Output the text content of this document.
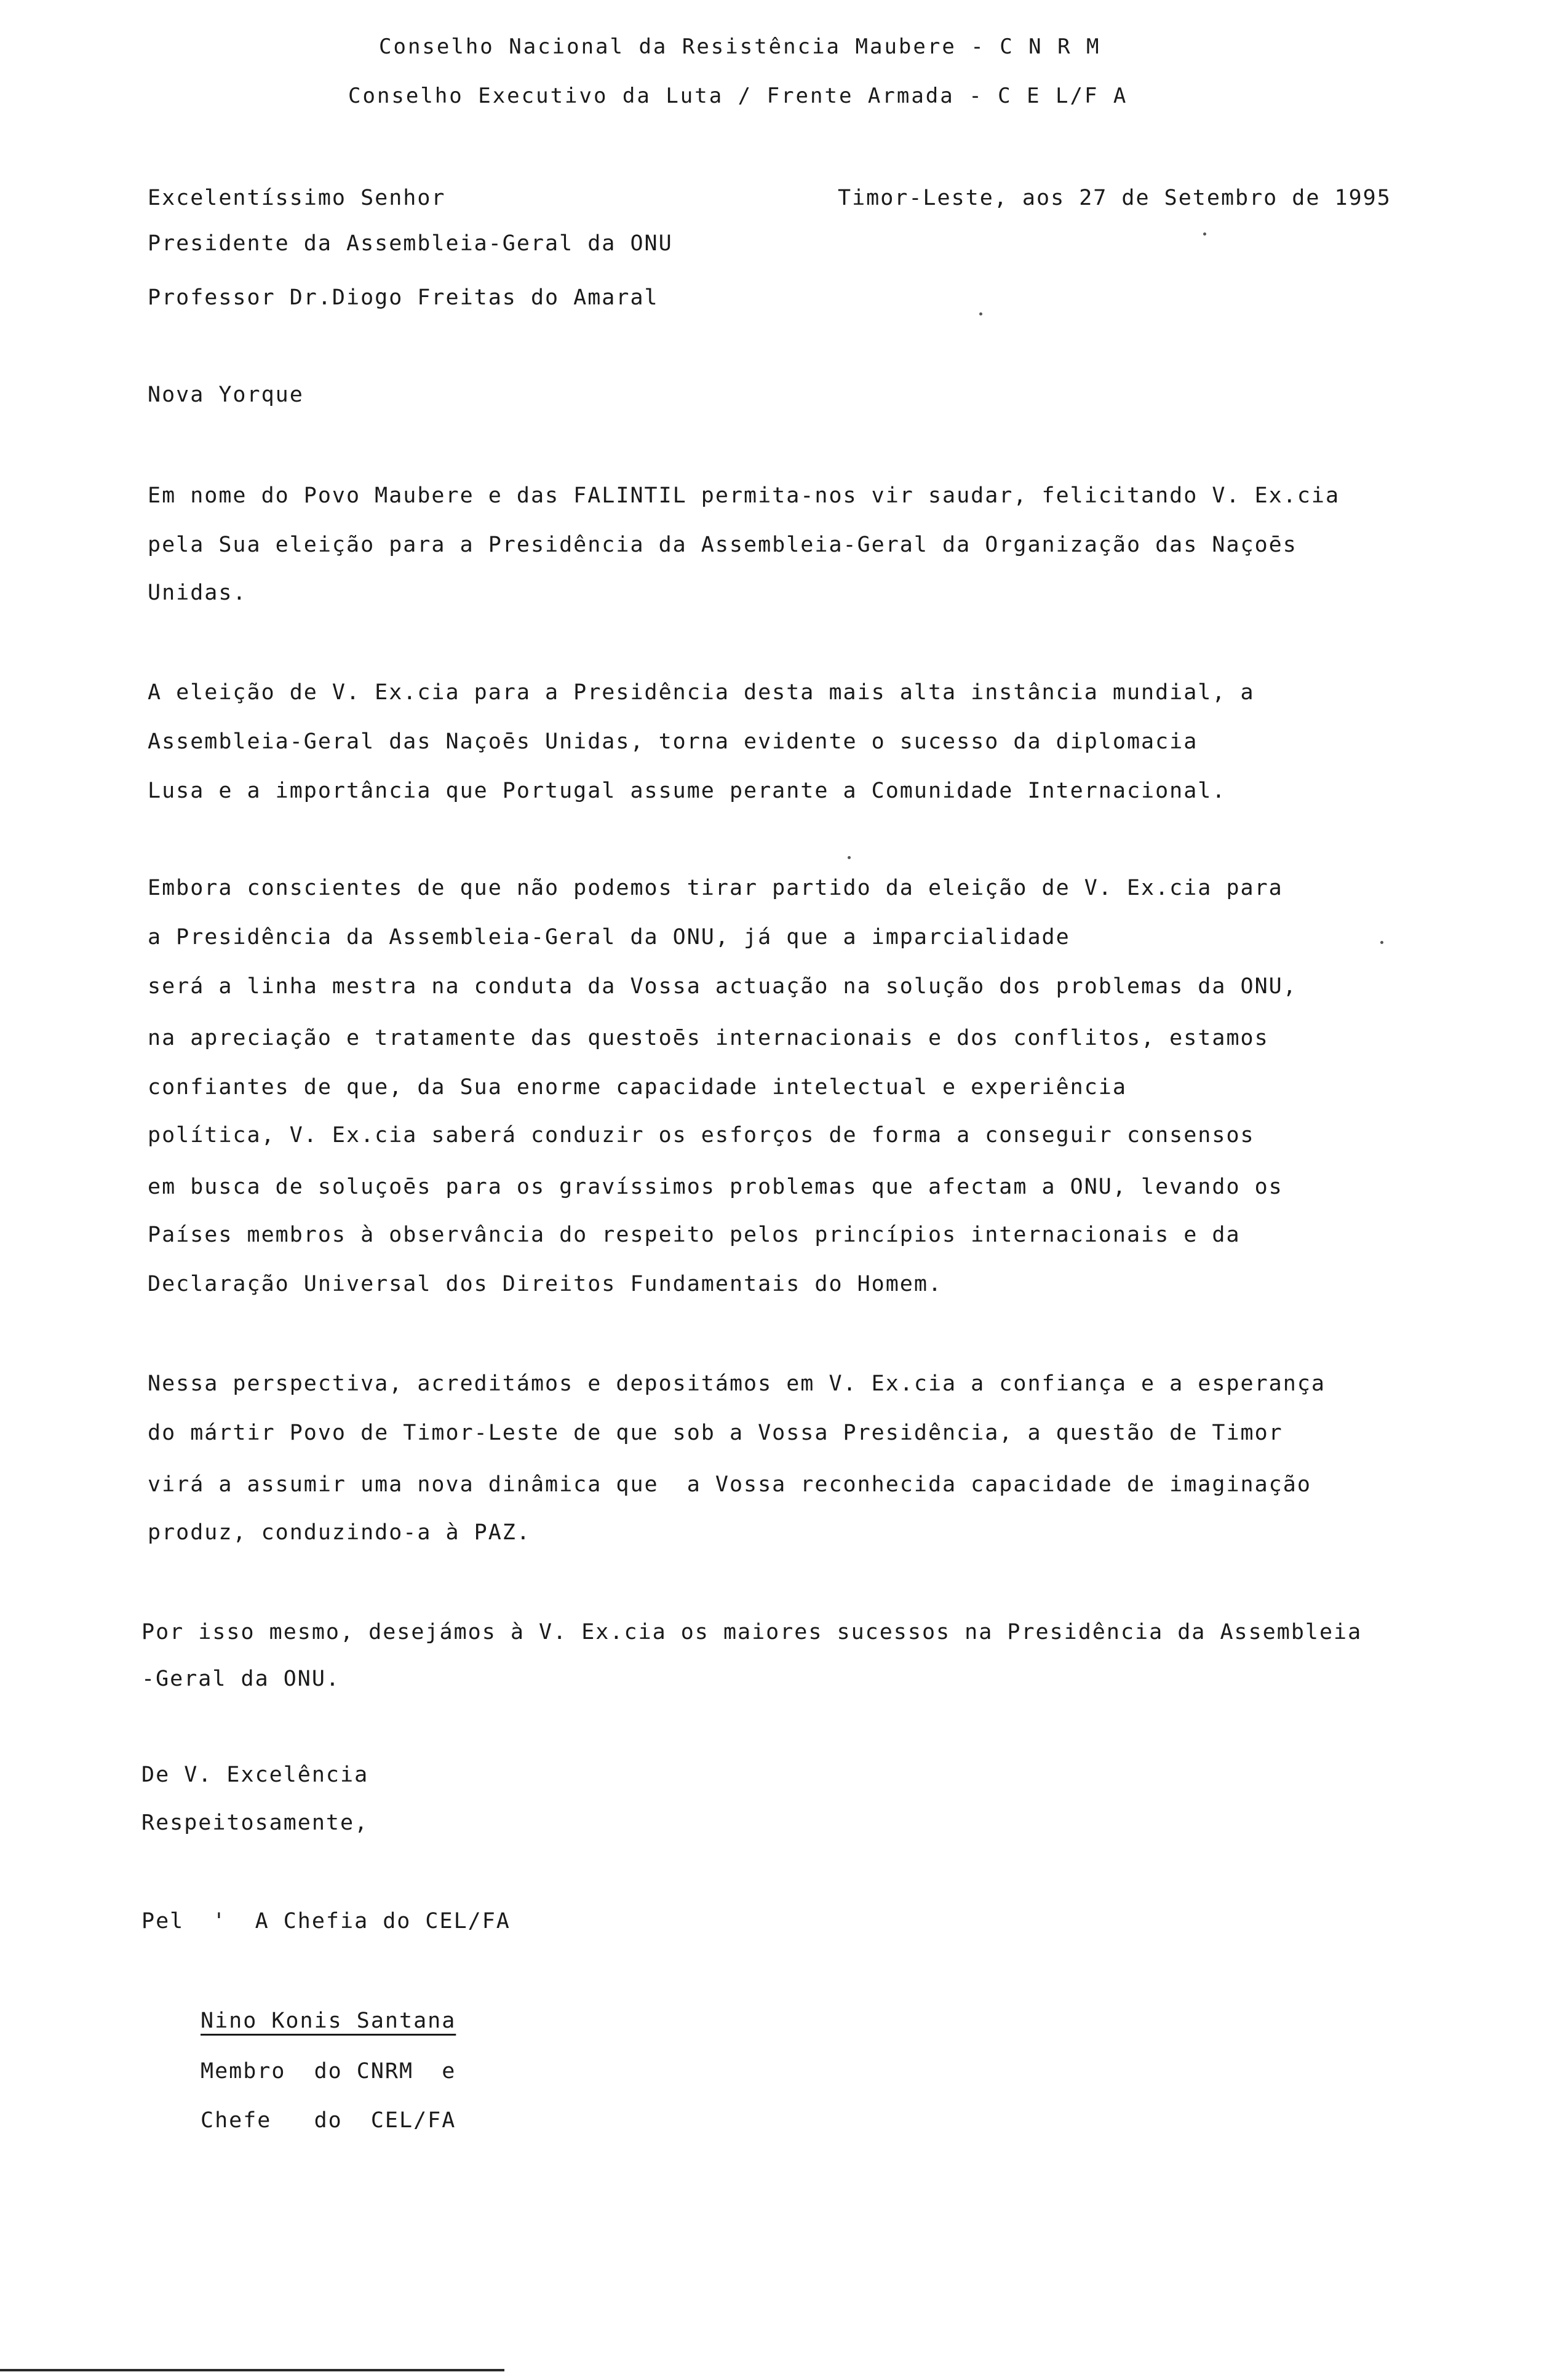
Conselho Nacional da Resistência Maubere - C N R M
Conselho Executivo da Luta / Frente Armada - C E L/F A
Excelentíssimo Senhor	Timor-Leste, aos 27 de Setembro de 1995
Presidente da Assembleia-Geral da ONU
Professor Dr.Diogo Freitas do Amaral
Nova Yorque
Em nome do Povo Maubere e das FALINTIL permita-nos vir saudar, felicitando V. Ex.cia
pela Sua eleição para a Presidência da Assembleia-Geral da Organização das Naçoēs
Unidas.
A eleição de V. Ex.cia para a Presidência desta mais alta instância mundial, a
Assembleia-Geral das Naçoēs Unidas, torna evidente o sucesso da diplomacia
Lusa e a importância que Portugal assume perante a Comunidade Internacional.
Embora conscientes de que não podemos tirar partido da eleição de V. Ex.cia para
a Presidência da Assembleia-Geral da ONU, já que a imparcialidade
será a linha mestra na conduta da Vossa actuação na solução dos problemas da ONU,
na apreciação e tratamente das questoēs internacionais e dos conflitos, estamos
confiantes de que, da Sua enorme capacidade intelectual e experiência
política, V. Ex.cia saberá conduzir os esforços de forma a conseguir consensos
em busca de soluçoēs para os gravíssimos problemas que afectam a ONU, levando os
Países membros à observância do respeito pelos princípios internacionais e da
Declaração Universal dos Direitos Fundamentais do Homem.
Nessa perspectiva, acreditámos e depositámos em V. Ex.cia a confiança e a esperança
do mártir Povo de Timor-Leste de que sob a Vossa Presidência, a questão de Timor
virá a assumir uma nova dinâmica que  a Vossa reconhecida capacidade de imaginação
produz, conduzindo-a à PAZ.
Por isso mesmo, desejámos à V. Ex.cia os maiores sucessos na Presidência da Assembleia
-Geral da ONU.
De V. Excelência
Respeitosamente,
Pel  '  A Chefia do CEL/FA
Nino Konis Santana
Membro  do CNRM  e
Chefe   do  CEL/FA
